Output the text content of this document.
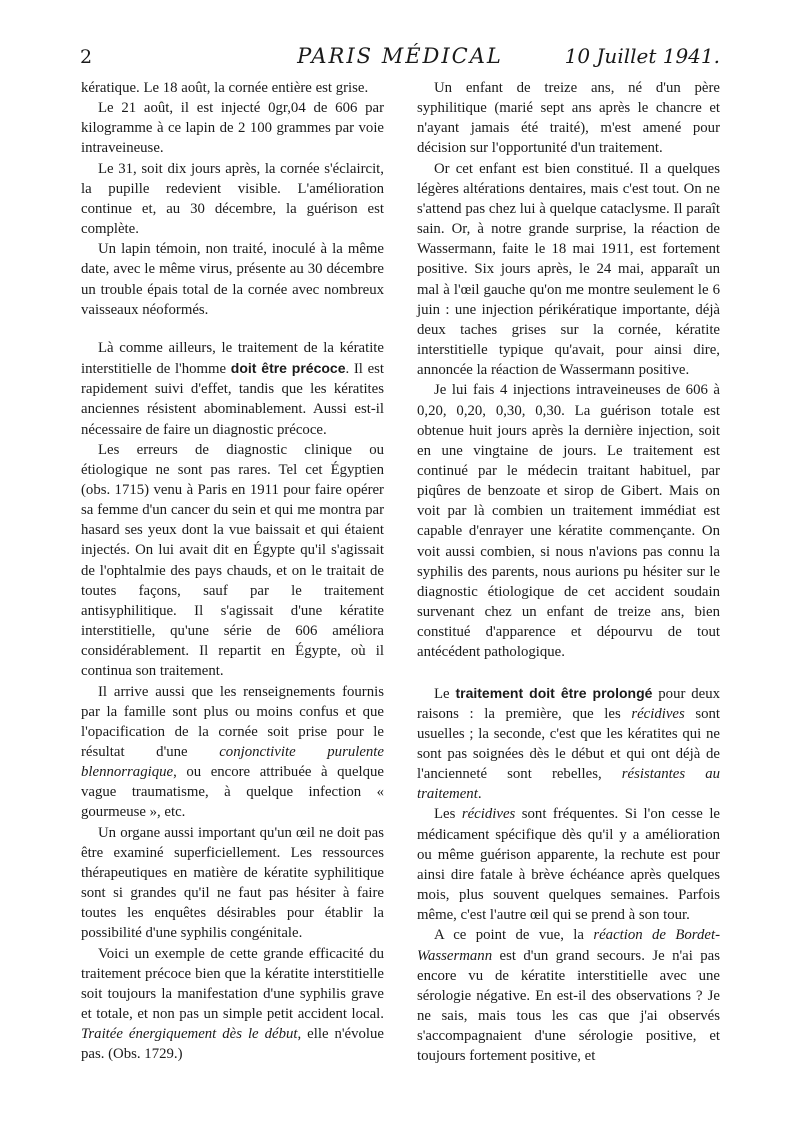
2	PARIS MÉDICAL	10 Juillet 1941.

kératique. Le 18 août, la cornée entière est grise.

Le 21 août, il est injecté 0gr,04 de 606 par kilogramme à ce lapin de 2 100 grammes par voie intraveineuse.

Le 31, soit dix jours après, la cornée s'éclaircit, la pupille redevient visible. L'amélioration continue et, au 30 décembre, la guérison est complète.

Un lapin témoin, non traité, inoculé à la même date, avec le même virus, présente au 30 décembre un trouble épais total de la cornée avec nombreux vaisseaux néoformés.

Là comme ailleurs, le traitement de la kératite interstitielle de l'homme doit être précoce. Il est rapidement suivi d'effet, tandis que les kératites anciennes résistent abominablement. Aussi est-il nécessaire de faire un diagnostic précoce.

Les erreurs de diagnostic clinique ou étiologique ne sont pas rares. Tel cet Égyptien (obs. 1715) venu à Paris en 1911 pour faire opérer sa femme d'un cancer du sein et qui me montra par hasard ses yeux dont la vue baissait et qui étaient injectés. On lui avait dit en Égypte qu'il s'agissait de l'ophtalmie des pays chauds, et on le traitait de toutes façons, sauf par le traitement antisyphilitique. Il s'agissait d'une kératite interstitielle, qu'une série de 606 améliora considérablement. Il repartit en Égypte, où il continua son traitement.

Il arrive aussi que les renseignements fournis par la famille sont plus ou moins confus et que l'opacification de la cornée soit prise pour le résultat d'une conjonctivite purulente blennorragique, ou encore attribuée à quelque vague traumatisme, à quelque infection « gourmeuse », etc.

Un organe aussi important qu'un œil ne doit pas être examiné superficiellement. Les ressources thérapeutiques en matière de kératite syphilitique sont si grandes qu'il ne faut pas hésiter à faire toutes les enquêtes désirables pour établir la possibilité d'une syphilis congénitale.

Voici un exemple de cette grande efficacité du traitement précoce bien que la kératite interstitielle soit toujours la manifestation d'une syphilis grave et totale, et non pas un simple petit accident local. Traitée énergiquement dès le début, elle n'évolue pas. (Obs. 1729.)

Un enfant de treize ans, né d'un père syphilitique (marié sept ans après le chancre et n'ayant jamais été traité), m'est amené pour décision sur l'opportunité d'un traitement.

Or cet enfant est bien constitué. Il a quelques légères altérations dentaires, mais c'est tout. On ne s'attend pas chez lui à quelque cataclysme. Il paraît sain. Or, à notre grande surprise, la réaction de Wassermann, faite le 18 mai 1911, est fortement positive. Six jours après, le 24 mai, apparaît un mal à l'œil gauche qu'on me montre seulement le 6 juin : une injection périkératique importante, déjà deux taches grises sur la cornée, kératite interstitielle typique qu'avait, pour ainsi dire, annoncée la réaction de Wassermann positive.

Je lui fais 4 injections intraveineuses de 606 à 0,20, 0,20, 0,30, 0,30. La guérison totale est obtenue huit jours après la dernière injection, soit en une vingtaine de jours. Le traitement est continué par le médecin traitant habituel, par piqûres de benzoate et sirop de Gibert. Mais on voit par là combien un traitement immédiat est capable d'enrayer une kératite commençante. On voit aussi combien, si nous n'avions pas connu la syphilis des parents, nous aurions pu hésiter sur le diagnostic étiologique de cet accident soudain survenant chez un enfant de treize ans, bien constitué d'apparence et dépourvu de tout antécédent pathologique.

Le traitement doit être prolongé pour deux raisons : la première, que les récidives sont usuelles ; la seconde, c'est que les kératites qui ne sont pas soignées dès le début et qui ont déjà de l'ancienneté sont rebelles, résistantes au traitement.

Les récidives sont fréquentes. Si l'on cesse le médicament spécifique dès qu'il y a amélioration ou même guérison apparente, la rechute est pour ainsi dire fatale à brève échéance après quelques mois, plus souvent quelques semaines. Parfois même, c'est l'autre œil qui se prend à son tour.

A ce point de vue, la réaction de Bordet-Wassermann est d'un grand secours. Je n'ai pas encore vu de kératite interstitielle avec une sérologie négative. En est-il des observations ? Je ne sais, mais tous les cas que j'ai observés s'accompagnaient d'une sérologie positive, et toujours fortement positive, et
